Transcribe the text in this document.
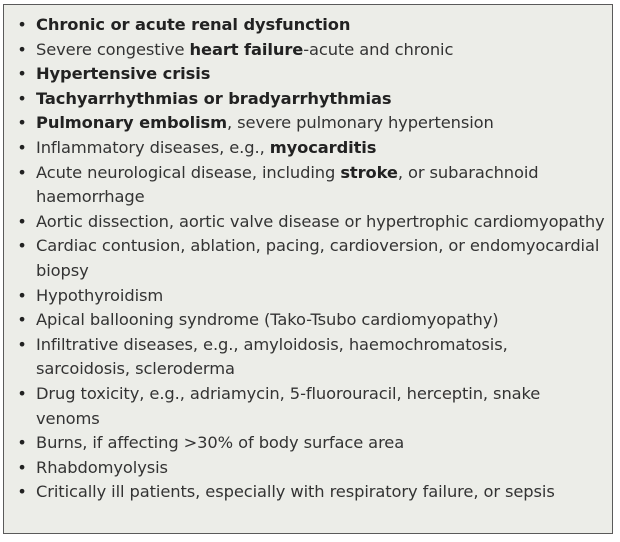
• Chronic or acute renal dysfunction
• Severe congestive heart failure-acute and chronic
• Hypertensive crisis
• Tachyarrhythmias or bradyarrhythmias
• Pulmonary embolism, severe pulmonary hypertension
• Inflammatory diseases, e.g., myocarditis
• Acute neurological disease, including stroke, or subarachnoid haemorrhage
• Aortic dissection, aortic valve disease or hypertrophic cardiomyopathy
• Cardiac contusion, ablation, pacing, cardioversion, or endomyocardial biopsy
• Hypothyroidism
• Apical ballooning syndrome (Tako-Tsubo cardiomyopathy)
• Infiltrative diseases, e.g., amyloidosis, haemochromatosis, sarcoidosis, scleroderma
• Drug toxicity, e.g., adriamycin, 5-fluorouracil, herceptin, snake venoms
• Burns, if affecting >30% of body surface area
• Rhabdomyolysis
• Critically ill patients, especially with respiratory failure, or sepsis
